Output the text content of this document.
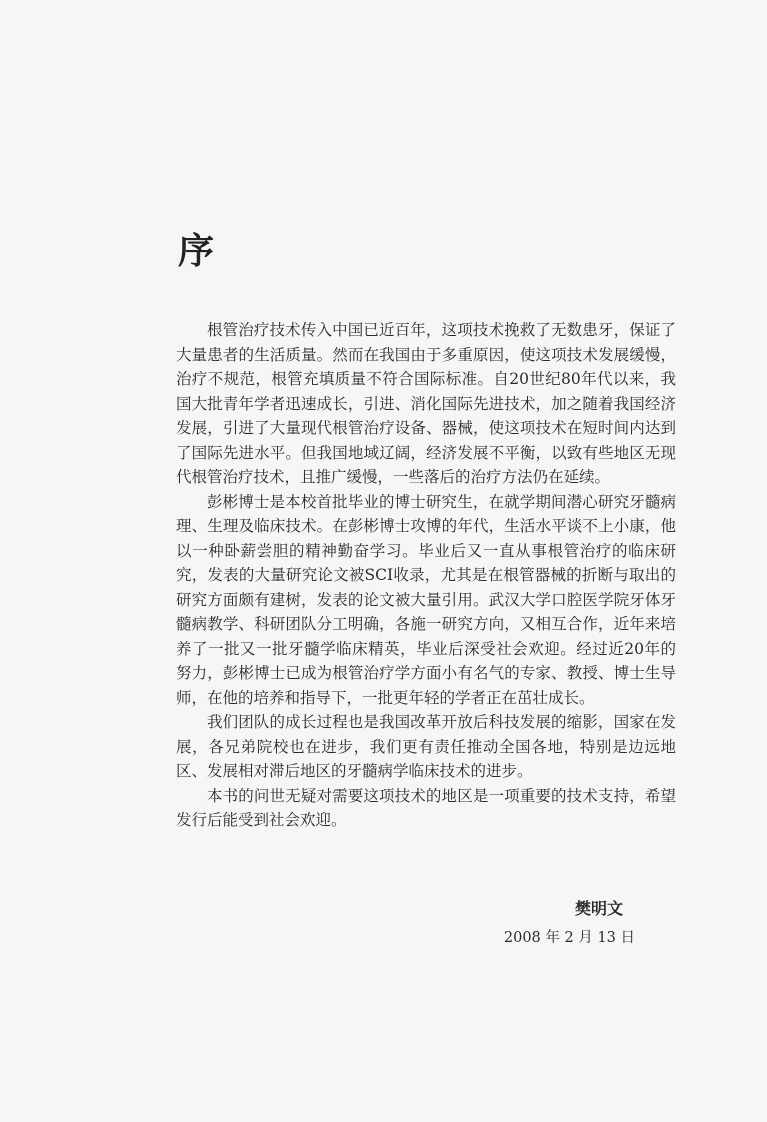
序

根管治疗技术传入中国已近百年，这项技术挽救了无数患牙，保证了大量患者的生活质量。然而在我国由于多重原因，使这项技术发展缓慢，治疗不规范，根管充填质量不符合国际标准。自20世纪80年代以来，我国大批青年学者迅速成长，引进、消化国际先进技术，加之随着我国经济发展，引进了大量现代根管治疗设备、器械，使这项技术在短时间内达到了国际先进水平。但我国地域辽阔，经济发展不平衡，以致有些地区无现代根管治疗技术，且推广缓慢，一些落后的治疗方法仍在延续。

彭彬博士是本校首批毕业的博士研究生，在就学期间潜心研究牙髓病理、生理及临床技术。在彭彬博士攻博的年代，生活水平谈不上小康，他以一种卧薪尝胆的精神勤奋学习。毕业后又一直从事根管治疗的临床研究，发表的大量研究论文被SCI收录，尤其是在根管器械的折断与取出的研究方面颇有建树，发表的论文被大量引用。武汉大学口腔医学院牙体牙髓病教学、科研团队分工明确，各施一研究方向，又相互合作，近年来培养了一批又一批牙髓学临床精英，毕业后深受社会欢迎。经过近20年的努力，彭彬博士已成为根管治疗学方面小有名气的专家、教授、博士生导师，在他的培养和指导下，一批更年轻的学者正在茁壮成长。

我们团队的成长过程也是我国改革开放后科技发展的缩影，国家在发展，各兄弟院校也在进步，我们更有责任推动全国各地，特别是边远地区、发展相对滞后地区的牙髓病学临床技术的进步。

本书的问世无疑对需要这项技术的地区是一项重要的技术支持，希望发行后能受到社会欢迎。

樊明文
2008 年 2 月 13 日
